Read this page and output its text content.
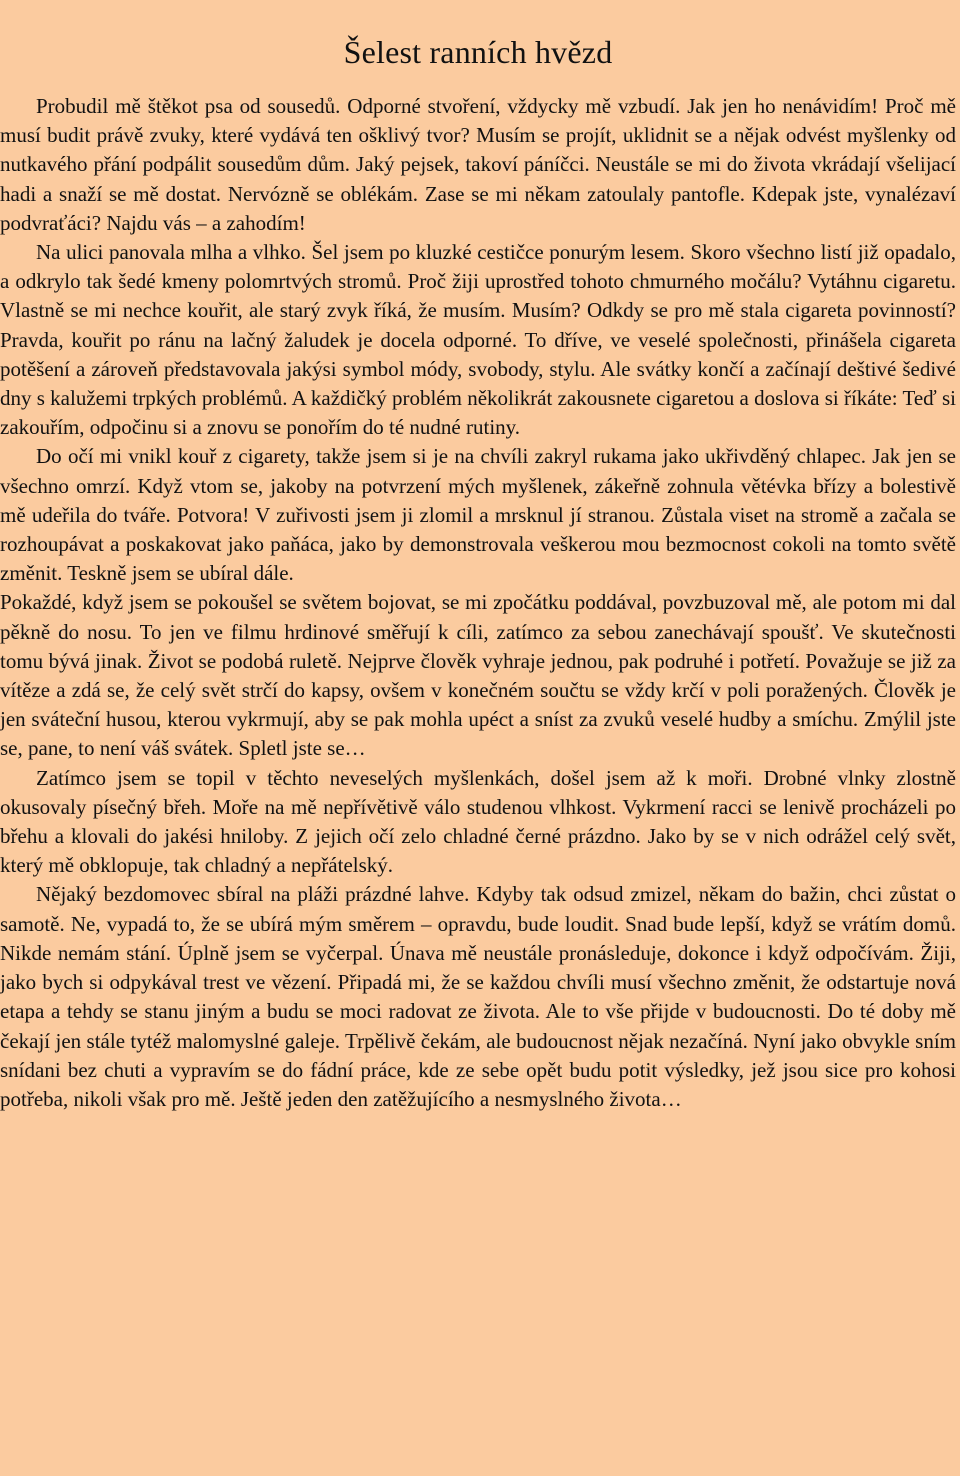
Šelest ranních hvězd

Probudil mě štěkot psa od sousedů. Odporné stvoření, vždycky mě vzbudí. Jak jen ho nenávidím! Proč mě musí budit právě zvuky, které vydává ten ošklivý tvor? Musím se projít, uklidnit se a nějak odvést myšlenky od nutkavého přání podpálit sousedům dům. Jaký pejsek, takoví páníčci. Neustále se mi do života vkrádají všelijací hadi a snaží se mě dostat. Nervózně se oblékám. Zase se mi někam zatoulaly pantofle. Kdepak jste, vynalézaví podvraťáci? Najdu vás – a zahodím!

Na ulici panovala mlha a vlhko. Šel jsem po kluzké cestičce ponurým lesem. Skoro všechno listí již opadalo, a odkrylo tak šedé kmeny polomrtvých stromů. Proč žiji uprostřed tohoto chmurného močálu? Vytáhnu cigaretu. Vlastně se mi nechce kouřit, ale starý zvyk říká, že musím. Musím? Odkdy se pro mě stala cigareta povinností? Pravda, kouřit po ránu na lačný žaludek je docela odporné. To dříve, ve veselé společnosti, přinášela cigareta potěšení a zároveň představovala jakýsi symbol módy, svobody, stylu. Ale svátky končí a začínají deštivé šedivé dny s kalužemi trpkých problémů. A každičký problém několikrát zakousnete cigaretou a doslova si říkáte: Teď si zakouřím, odpočinu si a znovu se ponořím do té nudné rutiny.

Do očí mi vnikl kouř z cigarety, takže jsem si je na chvíli zakryl rukama jako ukřivděný chlapec. Jak jen se všechno omrzí. Když vtom se, jakoby na potvrzení mých myšlenek, zákeřně zohnula větévka břízy a bolestivě mě udeřila do tváře. Potvora! V zuřivosti jsem ji zlomil a mrsknul jí stranou. Zůstala viset na stromě a začala se rozhoupávat a poskakovat jako paňáca, jako by demonstrovala veškerou mou bezmocnost cokoli na tomto světě změnit. Teskně jsem se ubíral dále.

Pokaždé, když jsem se pokoušel se světem bojovat, se mi zpočátku poddával, povzbuzoval mě, ale potom mi dal pěkně do nosu. To jen ve filmu hrdinové směřují k cíli, zatímco za sebou zanechávají spoušť. Ve skutečnosti tomu bývá jinak. Život se podobá ruletě. Nejprve člověk vyhraje jednou, pak podruhé i potřetí. Považuje se již za vítěze a zdá se, že celý svět strčí do kapsy, ovšem v konečném součtu se vždy krčí v poli poražených. Člověk je jen sváteční husou, kterou vykrmují, aby se pak mohla upéct a sníst za zvuků veselé hudby a smíchu. Zmýlil jste se, pane, to není váš svátek. Spletl jste se…

Zatímco jsem se topil v těchto neveselých myšlenkách, došel jsem až k moři. Drobné vlnky zlostně okusovaly písečný břeh. Moře na mě nepřívětivě válo studenou vlhkost. Vykrmení racci se lenivě procházeli po břehu a klovali do jakési hniloby. Z jejich očí zelo chladné černé prázdno. Jako by se v nich odrážel celý svět, který mě obklopuje, tak chladný a nepřátelský.

Nějaký bezdomovec sbíral na pláži prázdné lahve. Kdyby tak odsud zmizel, někam do bažin, chci zůstat o samotě. Ne, vypadá to, že se ubírá mým směrem – opravdu, bude loudit. Snad bude lepší, když se vrátím domů. Nikde nemám stání. Úplně jsem se vyčerpal. Únava mě neustále pronásleduje, dokonce i když odpočívám. Žiji, jako bych si odpykával trest ve vězení. Připadá mi, že se každou chvíli musí všechno změnit, že odstartuje nová etapa a tehdy se stanu jiným a budu se moci radovat ze života. Ale to vše přijde v budoucnosti. Do té doby mě čekají jen stále tytéž malomyslné galeje. Trpělivě čekám, ale budoucnost nějak nezačíná. Nyní jako obvykle sním snídani bez chuti a vypravím se do fádní práce, kde ze sebe opět budu potit výsledky, jež jsou sice pro kohosi potřeba, nikoli však pro mě. Ještě jeden den zatěžujícího a nesmyslného života…
